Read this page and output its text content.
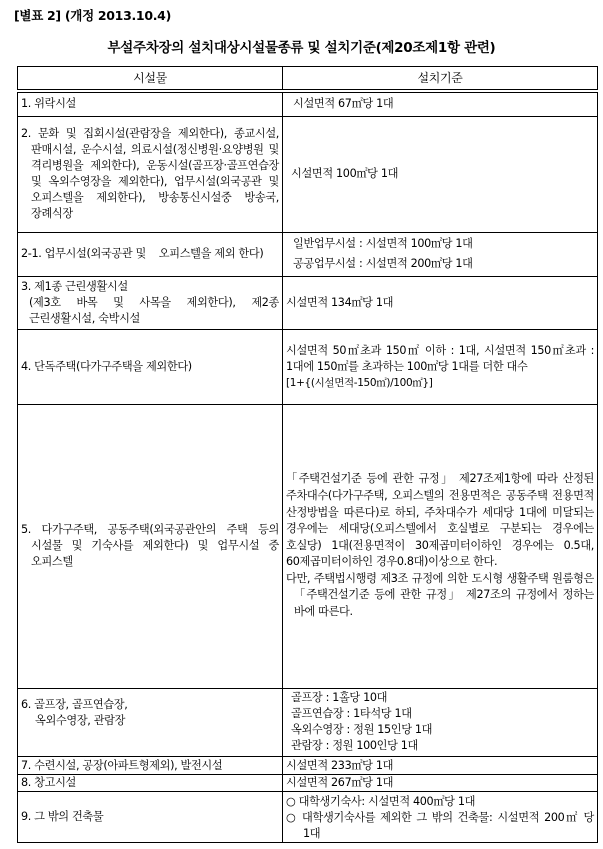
[별표 2] (개정 2013.10.4)
부설주차장의 설치대상시설물종류 및 설치기준(제20조제1항 관련)
시설물	설치기준

1. 위락시설	시설면적 67㎡당 1대

2. 문화 및 집회시설(관람장을 제외한다), 종교시설, 판매시설, 운수시설, 의료시설(정신병원·요양병원 및 격리병원을 제외한다), 운동시설(골프장·골프연습장 및 옥외수영장을 제외한다), 업무시설(외국공관 및 오피스텔을 제외한다), 방송통신시설중 방송국, 장례식장	시설면적 100㎡당 1대

2-1. 업무시설(외국공관 및    오피스텔을 제외 한다)	일반업무시설 : 시설면적 100㎡당 1대
공공업무시설 : 시설면적 200㎡당 1대

3. 제1종 근린생활시설
(제3호 바목 및 사목을 제외한다), 제2종 근린생활시설, 숙박시설	시설면적 134㎡당 1대

4. 단독주택(다가구주택을 제외한다)	시설면적 50㎡초과 150㎡ 이하 : 1대, 시설면적 150㎡초과 : 1대에 150㎡를 초과하는 100㎡당 1대를 더한 대수
[1+{(시설면적-150㎡)/100㎡}]

5. 다가구주택, 공동주택(외국공관안의 주택 등의 시설물 및 기숙사를 제외한다) 및 업무시설 중 오피스텔	「주택건설기준 등에 관한 규정」 제27조제1항에 따라 산정된 주차대수(다가구주택, 오피스텔의 전용면적은 공동주택 전용면적 산정방법을 따른다)로 하되, 주차대수가 세대당 1대에 미달되는 경우에는 세대당(오피스텔에서 호실별로 구분되는 경우에는 호실당) 1대(전용면적이 30제곱미터이하인 경우에는 0.5대, 60제곱미터이하인 경우0.8대)이상으로 한다.
다만, 주택법시행령 제3조 규정에 의한 도시형 생활주택 원룸형은 「주택건설기준 등에 관한 규정」 제27조의 규정에서 정하는 바에 따른다.

6. 골프장, 골프연습장,
옥외수영장, 관람장	골프장 : 1홀당 10대
골프연습장 : 1타석당 1대
옥외수영장 : 정원 15인당 1대
관람장 : 정원 100인당 1대

7. 수련시설, 공장(아파트형제외), 발전시설	시설면적 233㎡당 1대

8. 창고시설	시설면적 267㎡당 1대

9. 그 밖의 건축물	○ 대학생기숙사: 시설면적 400㎡당 1대
○ 대학생기숙사를 제외한 그 밖의 건축물: 시설면적 200㎡ 당 1대
